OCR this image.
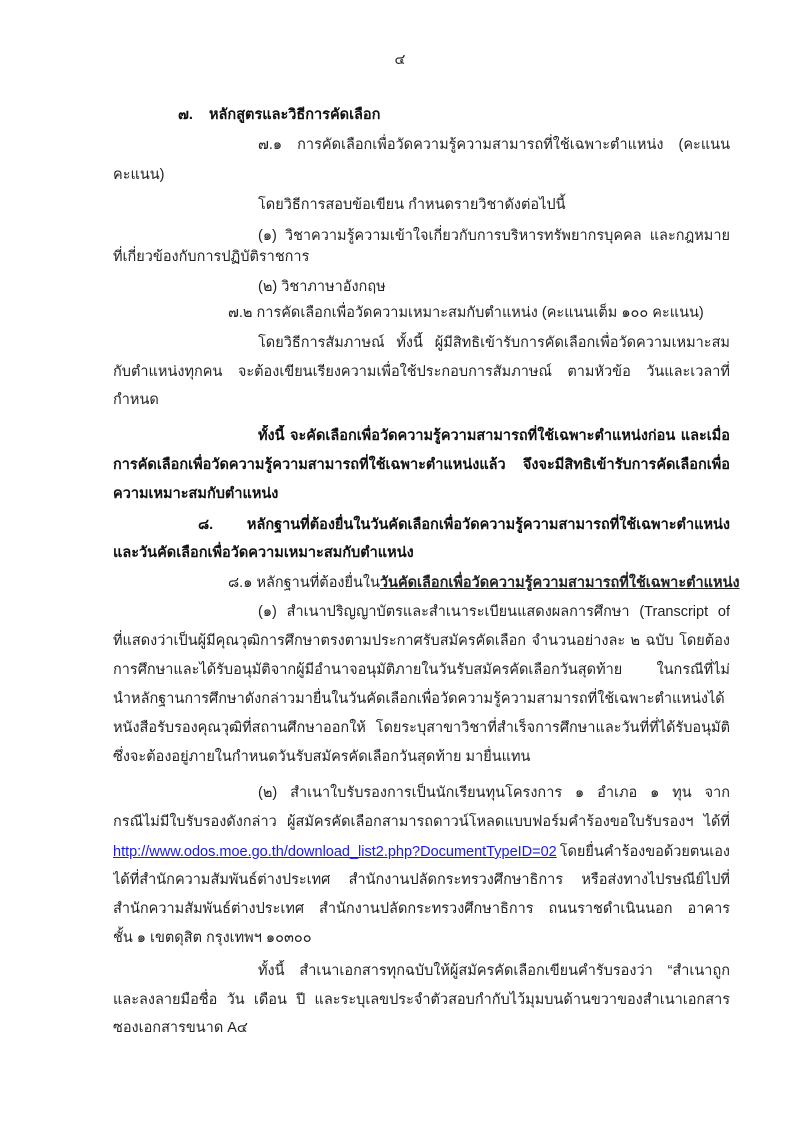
๔
๗. หลักสูตรและวิธีการคัดเลือก
๗.๑ การคัดเลือกเพื่อวัดความรู้ความสามารถที่ใช้เฉพาะตำแหน่ง (คะแนน
คะแนน)
โดยวิธีการสอบข้อเขียน กำหนดรายวิชาดังต่อไปนี้
(๑) วิชาความรู้ความเข้าใจเกี่ยวกับการบริหารทรัพยากรบุคคล และกฎหมาย
ที่เกี่ยวข้องกับการปฏิบัติราชการ
(๒) วิชาภาษาอังกฤษ
๗.๒ การคัดเลือกเพื่อวัดความเหมาะสมกับตำแหน่ง (คะแนนเต็ม ๑๐๐ คะแนน)
โดยวิธีการสัมภาษณ์ ทั้งนี้ ผู้มีสิทธิเข้ารับการคัดเลือกเพื่อวัดความเหมาะสม
กับตำแหน่งทุกคน จะต้องเขียนเรียงความเพื่อใช้ประกอบการสัมภาษณ์ ตามหัวข้อ วันและเวลาที่
กำหนด
ทั้งนี้ จะคัดเลือกเพื่อวัดความรู้ความสามารถที่ใช้เฉพาะตำแหน่งก่อน และเมื่อ
การคัดเลือกเพื่อวัดความรู้ความสามารถที่ใช้เฉพาะตำแหน่งแล้ว จึงจะมีสิทธิเข้ารับการคัดเลือกเพื่อ
ความเหมาะสมกับตำแหน่ง
๘. หลักฐานที่ต้องยื่นในวันคัดเลือกเพื่อวัดความรู้ความสามารถที่ใช้เฉพาะตำแหน่ง
และวันคัดเลือกเพื่อวัดความเหมาะสมกับตำแหน่ง
๘.๑ หลักฐานที่ต้องยื่นในวันคัดเลือกเพื่อวัดความรู้ความสามารถที่ใช้เฉพาะตำแหน่ง
(๑) สำเนาปริญญาบัตรและสำเนาระเบียนแสดงผลการศึกษา (Transcript of
ที่แสดงว่าเป็นผู้มีคุณวุฒิการศึกษาตรงตามประกาศรับสมัครคัดเลือก จำนวนอย่างละ ๒ ฉบับ โดยต้อง
การศึกษาและได้รับอนุมัติจากผู้มีอำนาจอนุมัติภายในวันรับสมัครคัดเลือกวันสุดท้าย ในกรณีที่ไม่
นำหลักฐานการศึกษาดังกล่าวมายื่นในวันคัดเลือกเพื่อวัดความรู้ความสามารถที่ใช้เฉพาะตำแหน่งได้
หนังสือรับรองคุณวุฒิที่สถานศึกษาออกให้ โดยระบุสาขาวิชาที่สำเร็จการศึกษาและวันที่ที่ได้รับอนุมัติ
ซึ่งจะต้องอยู่ภายในกำหนดวันรับสมัครคัดเลือกวันสุดท้าย มายื่นแทน
(๒) สำเนาใบรับรองการเป็นนักเรียนทุนโครงการ ๑ อำเภอ ๑ ทุน จาก
กรณีไม่มีใบรับรองดังกล่าว ผู้สมัครคัดเลือกสามารถดาวน์โหลดแบบฟอร์มคำร้องขอใบรับรองฯ ได้ที่
http://www.odos.moe.go.th/download_list2.php?DocumentTypeID=02 โดยยื่นคำร้องขอด้วยตนเอง
ได้ที่สำนักความสัมพันธ์ต่างประเทศ สำนักงานปลัดกระทรวงศึกษาธิการ หรือส่งทางไปรษณีย์ไปที่
สำนักความสัมพันธ์ต่างประเทศ สำนักงานปลัดกระทรวงศึกษาธิการ ถนนราชดำเนินนอก อาคาร
ชั้น ๑ เขตดุสิต กรุงเทพฯ ๑๐๓๐๐
ทั้งนี้ สำเนาเอกสารทุกฉบับให้ผู้สมัครคัดเลือกเขียนคำรับรองว่า “สำเนาถูก
และลงลายมือชื่อ วัน เดือน ปี และระบุเลขประจำตัวสอบกำกับไว้มุมบนด้านขวาของสำเนาเอกสาร
ซองเอกสารขนาด A๔
